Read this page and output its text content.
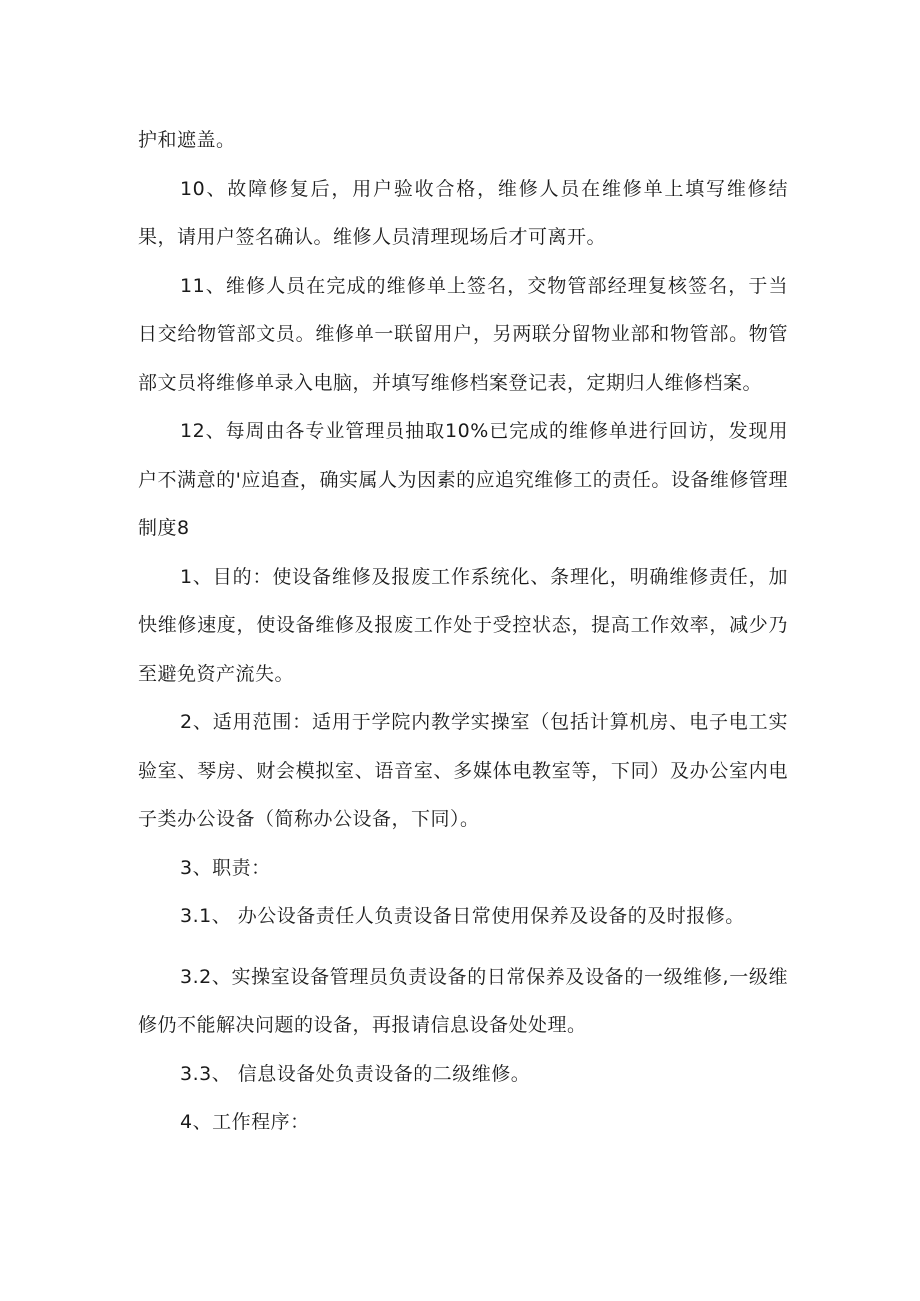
护和遮盖。

10、故障修复后，用户验收合格，维修人员在维修单上填写维修结果，请用户签名确认。维修人员清理现场后才可离开。

11、维修人员在完成的维修单上签名，交物管部经理复核签名，于当日交给物管部文员。维修单一联留用户，另两联分留物业部和物管部。物管部文员将维修单录入电脑，并填写维修档案登记表，定期归人维修档案。

12、每周由各专业管理员抽取10%已完成的维修单进行回访，发现用户不满意的'应追查，确实属人为因素的应追究维修工的责任。设备维修管理制度8

1、目的：使设备维修及报废工作系统化、条理化，明确维修责任，加快维修速度，使设备维修及报废工作处于受控状态，提高工作效率，减少乃至避免资产流失。

2、适用范围：适用于学院内教学实操室（包括计算机房、电子电工实验室、琴房、财会模拟室、语音室、多媒体电教室等，下同）及办公室内电子类办公设备（简称办公设备，下同）。

3、职责：

3.1、 办公设备责任人负责设备日常使用保养及设备的及时报修。

3.2、实操室设备管理员负责设备的日常保养及设备的一级维修,一级维修仍不能解决问题的设备，再报请信息设备处处理。

3.3、 信息设备处负责设备的二级维修。

4、工作程序：
